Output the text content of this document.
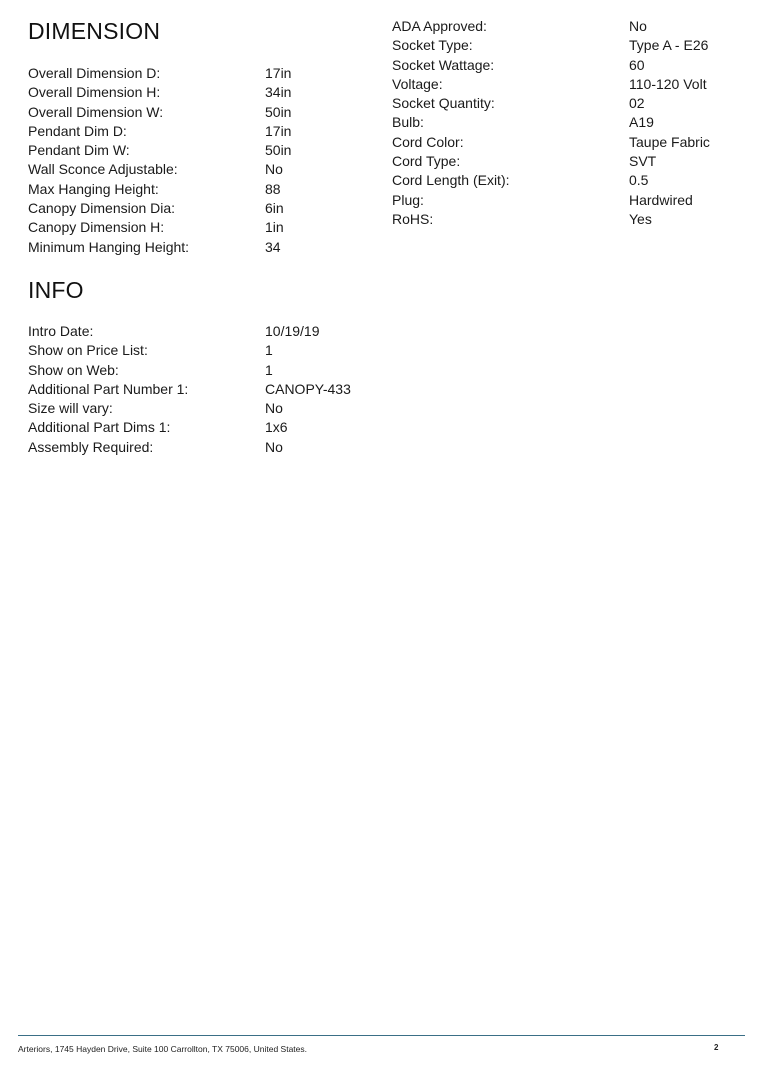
DIMENSION
Overall Dimension D:	17in
Overall Dimension H:	34in
Overall Dimension W:	50in
Pendant Dim D:	17in
Pendant Dim W:	50in
Wall Sconce Adjustable:	No
Max Hanging Height:	88
Canopy Dimension Dia:	6in
Canopy Dimension H:	1in
Minimum Hanging Height:	34
INFO
Intro Date:	10/19/19
Show on Price List:	1
Show on Web:	1
Additional Part Number 1:	CANOPY-433
Size will vary:	No
Additional Part Dims 1:	1x6
Assembly Required:	No
ADA Approved:	No
Socket Type:	Type A - E26
Socket Wattage:	60
Voltage:	110-120 Volt
Socket Quantity:	02
Bulb:	A19
Cord Color:	Taupe Fabric
Cord Type:	SVT
Cord Length (Exit):	0.5
Plug:	Hardwired
RoHS:	Yes
Arteriors, 1745 Hayden Drive, Suite 100 Carrollton, TX 75006, United States.	2
